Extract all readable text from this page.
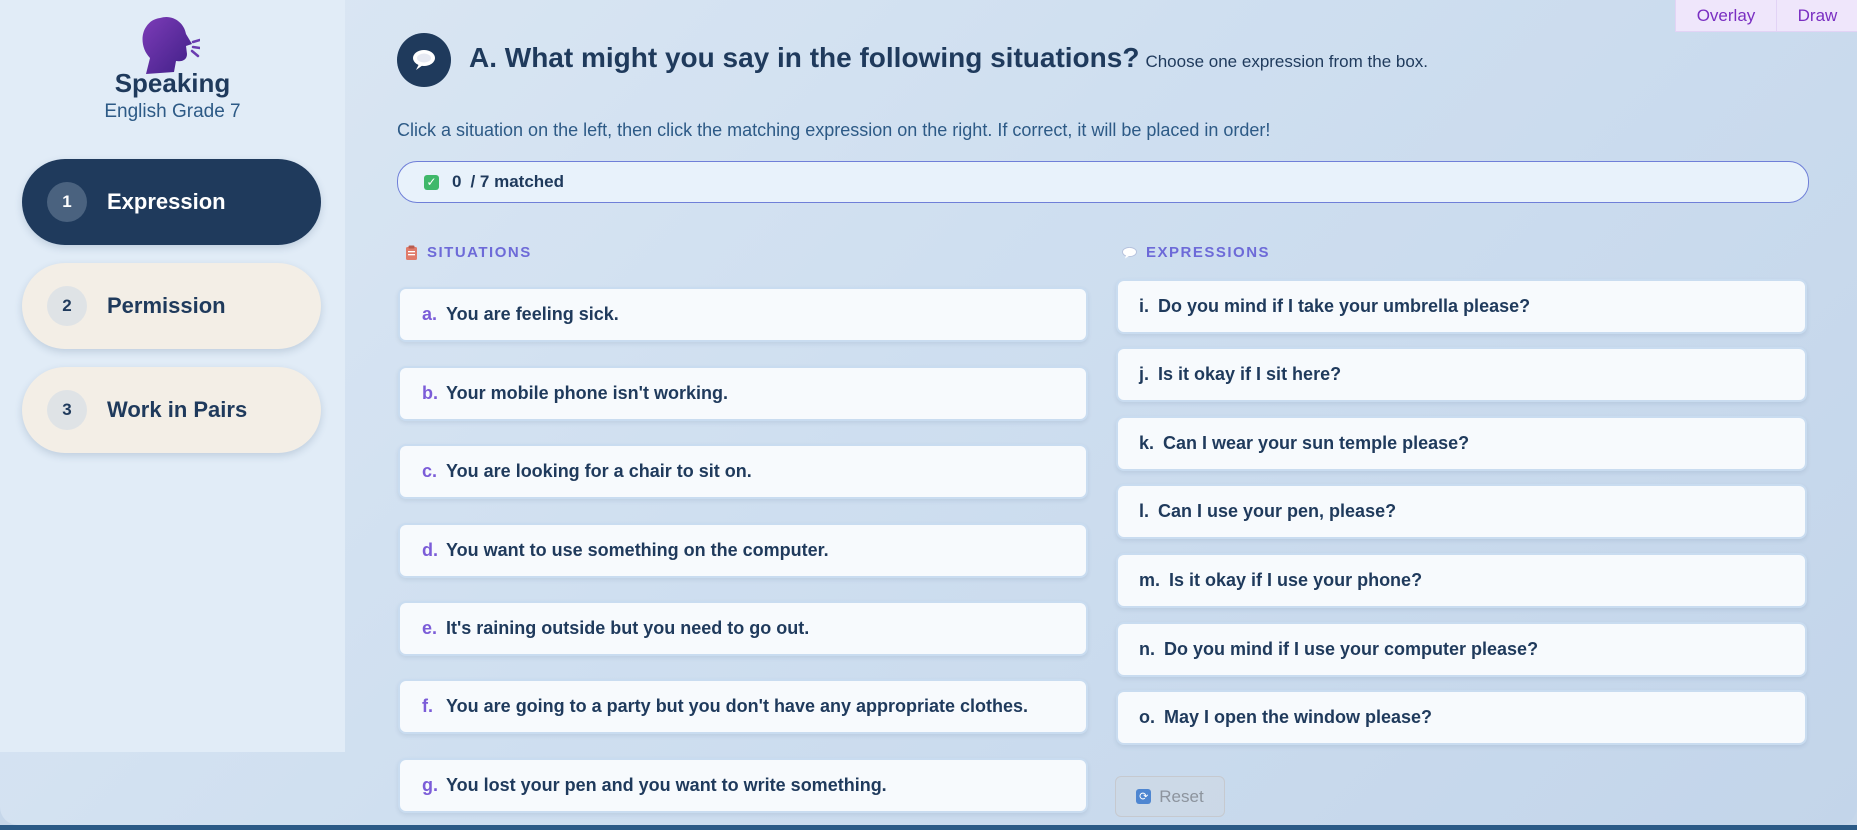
Speaking
English Grade 7
1	Expression
2	Permission
3	Work in Pairs
Overlay	Draw
A. What might you say in the following situations? Choose one expression from the box.
Click a situation on the left, then click the matching expression on the right. If correct, it will be placed in order!
✓ 0 / 7 matched
SITUATIONS	EXPRESSIONS
a. You are feeling sick.
b. Your mobile phone isn't working.
c. You are looking for a chair to sit on.
d. You want to use something on the computer.
e. It's raining outside but you need to go out.
f. You are going to a party but you don't have any appropriate clothes.
g. You lost your pen and you want to write something.
i. Do you mind if I take your umbrella please?
j. Is it okay if I sit here?
k. Can I wear your sun temple please?
l. Can I use your pen, please?
m. Is it okay if I use your phone?
n. Do you mind if I use your computer please?
o. May I open the window please?
⟳ Reset
